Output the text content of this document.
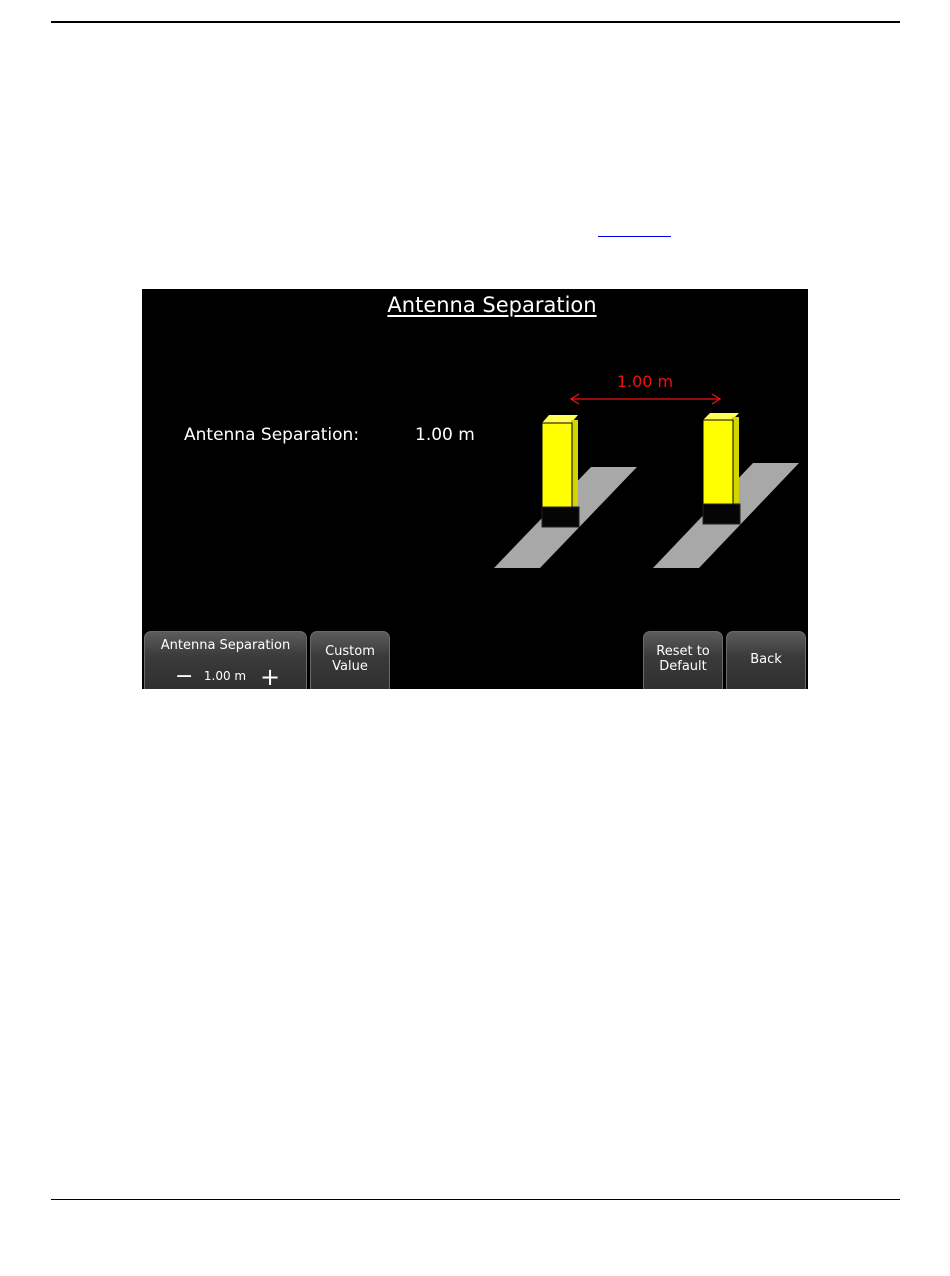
Antenna Separation
Antenna Separation:	1.00 m
1.00 m
Antenna Separation
− 1.00 m +
Custom
Value
Reset to
Default	Back
